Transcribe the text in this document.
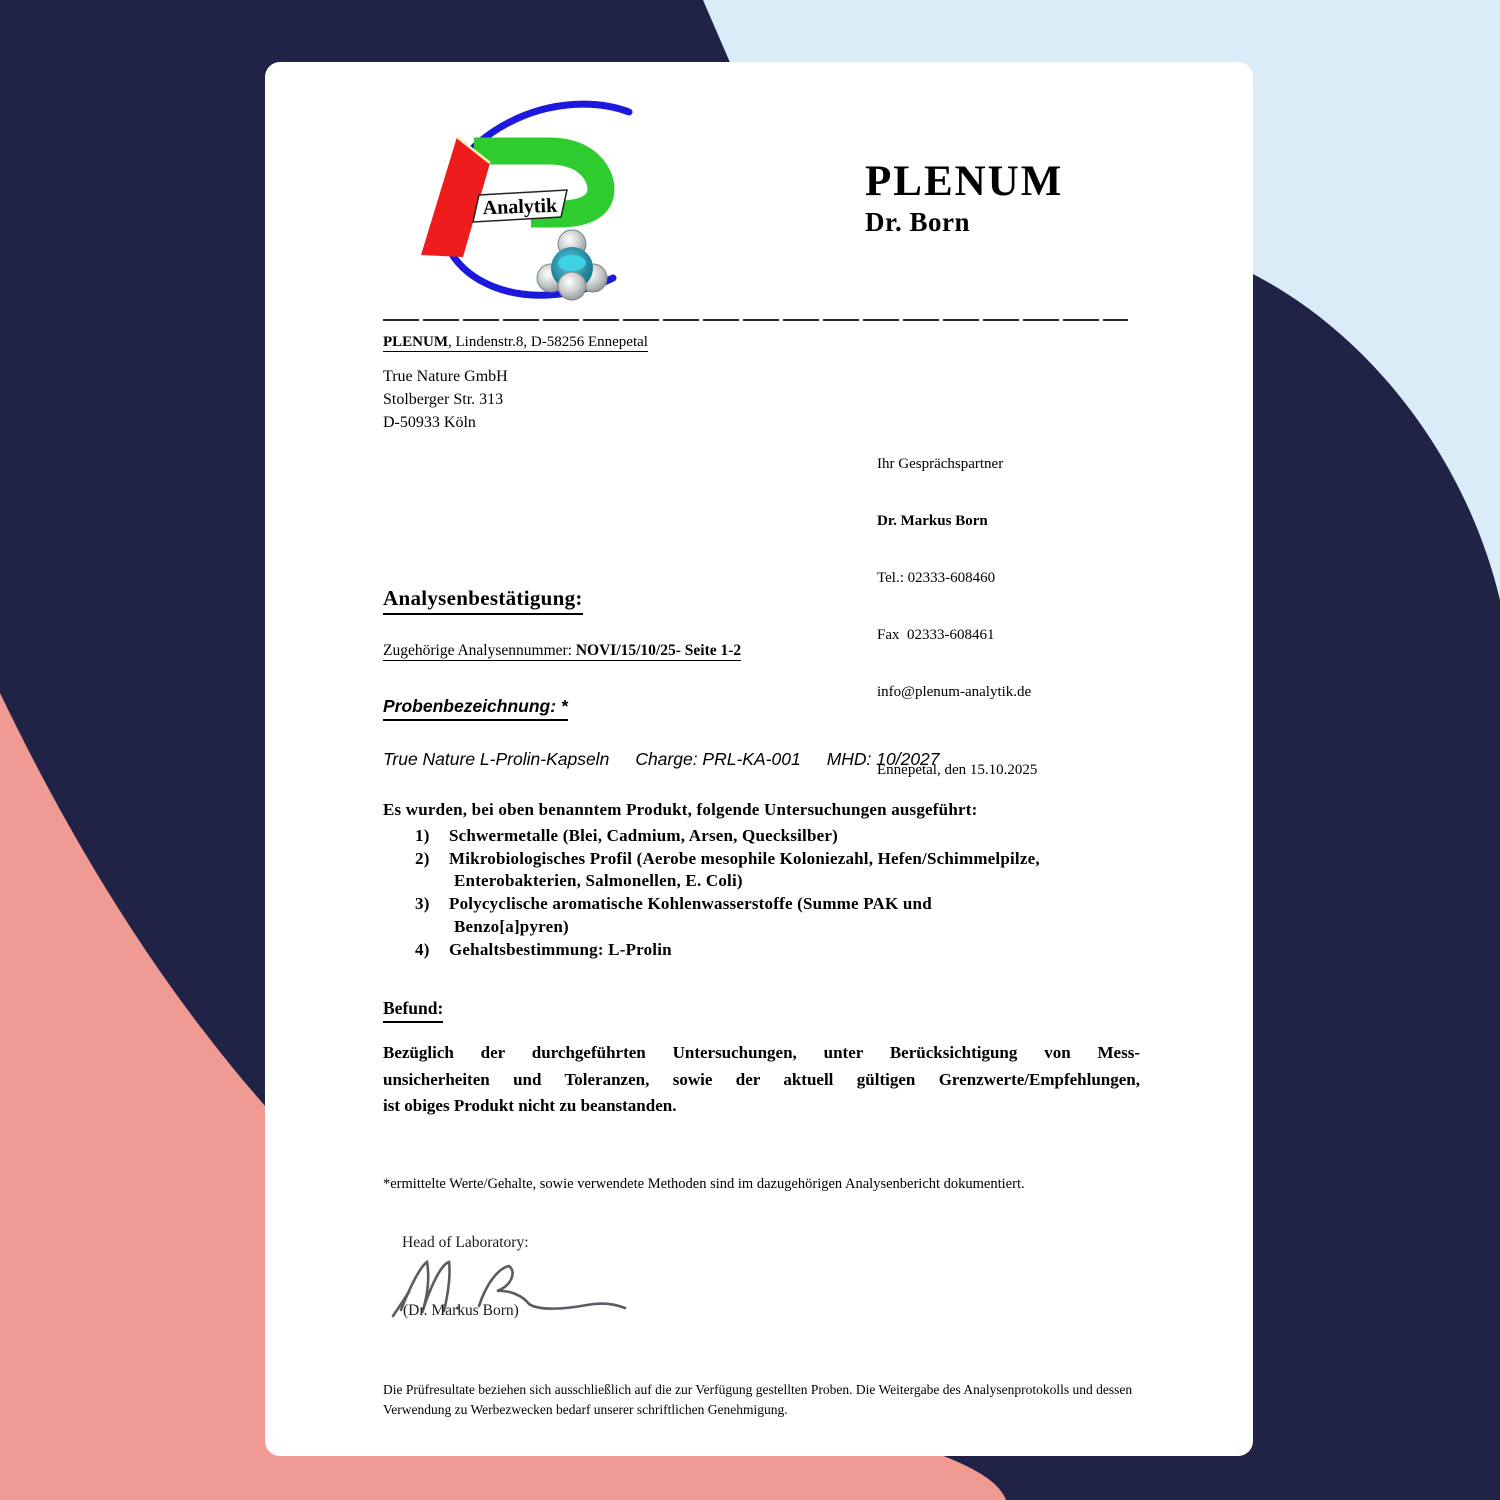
Analytik
PLENUM
Dr. Born
PLENUM, Lindenstr.8, D-58256 Ennepetal
True Nature GmbH
Stolberger Str. 313
D-50933 Köln

Ihr Gesprächspartner

Dr. Markus Born

Tel.: 02333-608460

Fax  02333-608461

info@plenum-analytik.de

Ennepetal, den 15.10.2025

Analysenbestätigung:
Zugehörige Analysennummer: NOVI/15/10/25- Seite 1-2
Probenbezeichnung: *
True Nature L-Prolin-Kapseln Charge: PRL-KA-001 MHD: 10/2027
Es wurden, bei oben benanntem Produkt, folgende Untersuchungen ausgeführt:
1)	Schwermetalle (Blei, Cadmium, Arsen, Quecksilber)
2)	Mikrobiologisches Profil (Aerobe mesophile Koloniezahl, Hefen/Schimmelpilze,
Enterobakterien, Salmonellen, E. Coli)
3)	Polycyclische aromatische Kohlenwasserstoffe (Summe PAK und
Benzo[a]pyren)
4)	Gehaltsbestimmung: L-Prolin
Befund:
Bezüglich der durchgeführten Untersuchungen, unter Berücksichtigung von Mess-
unsicherheiten und Toleranzen, sowie der aktuell gültigen Grenzwerte/Empfehlungen,
ist obiges Produkt nicht zu beanstanden.
*ermittelte Werte/Gehalte, sowie verwendete Methoden sind im dazugehörigen Analysenbericht dokumentiert.
Head of Laboratory:
(Dr. Markus Born)
Die Prüfresultate beziehen sich ausschließlich auf die zur Verfügung gestellten Proben. Die Weitergabe des Analysenprotokolls und dessen
Verwendung zu Werbezwecken bedarf unserer schriftlichen Genehmigung.
